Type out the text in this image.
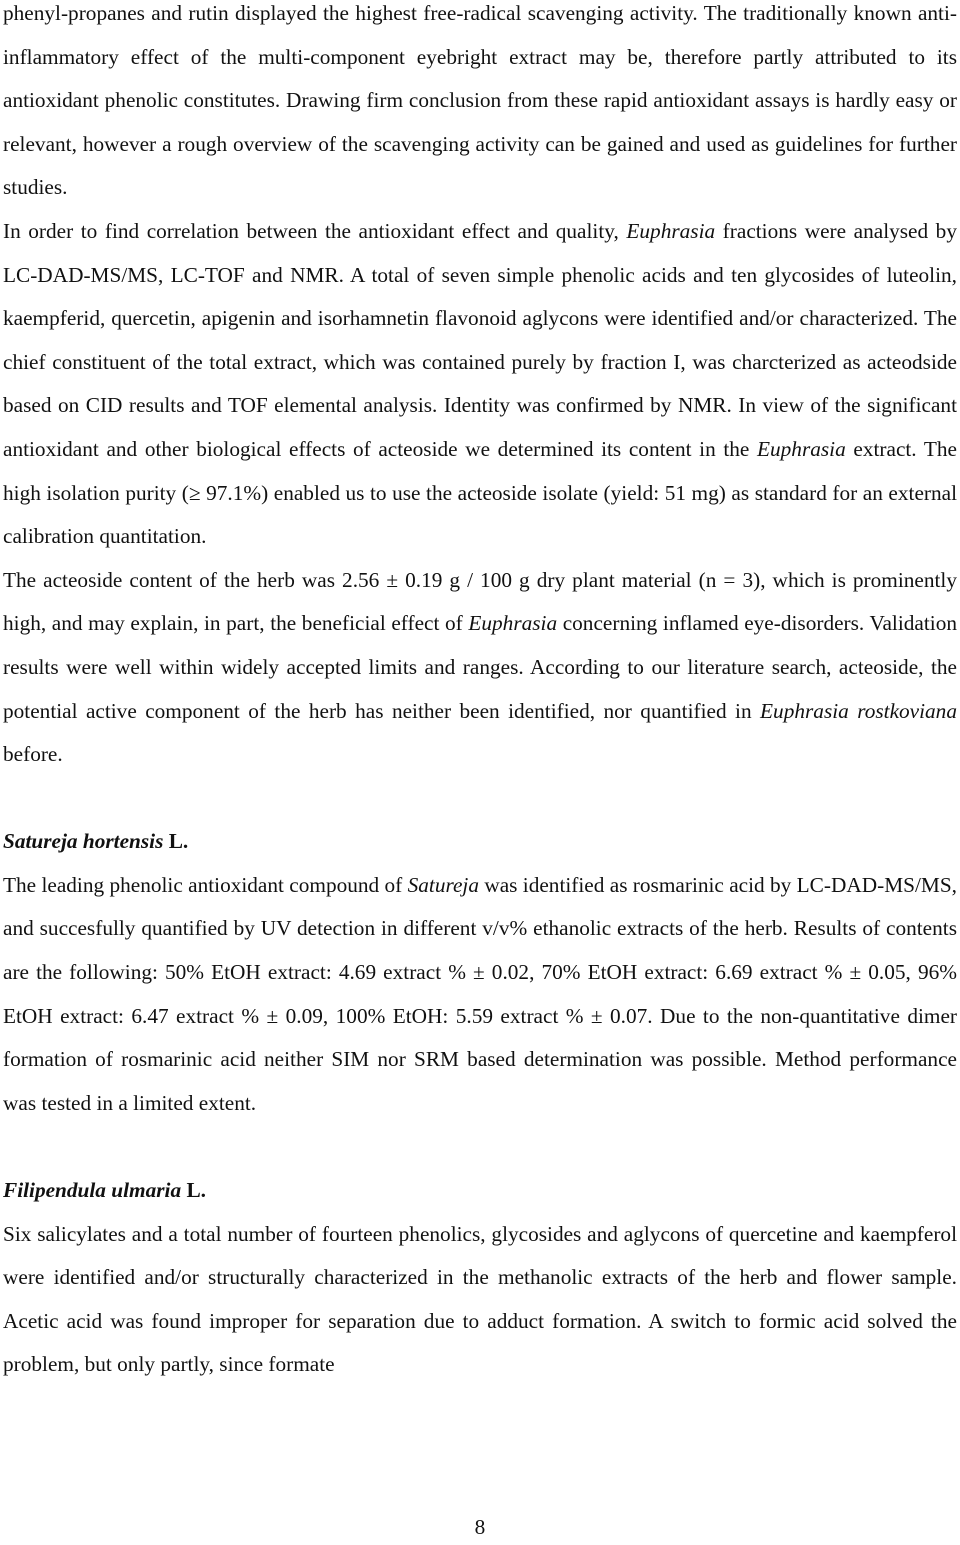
phenyl-propanes and rutin displayed the highest free-radical scavenging activity. The traditionally known anti-inflammatory effect of the multi-component eyebright extract may be, therefore partly attributed to its antioxidant phenolic constitutes. Drawing firm conclusion from these rapid antioxidant assays is hardly easy or relevant, however a rough overview of the scavenging activity can be gained and used as guidelines for further studies.

In order to find correlation between the antioxidant effect and quality, Euphrasia fractions were analysed by LC-DAD-MS/MS, LC-TOF and NMR. A total of seven simple phenolic acids and ten glycosides of luteolin, kaempferid, quercetin, apigenin and isorhamnetin flavonoid aglycons were identified and/or characterized. The chief constituent of the total extract, which was contained purely by fraction I, was charcterized as acteodside based on CID results and TOF elemental analysis. Identity was confirmed by NMR. In view of the significant antioxidant and other biological effects of acteoside we determined its content in the Euphrasia extract. The high isolation purity (≥ 97.1%) enabled us to use the acteoside isolate (yield: 51 mg) as standard for an external calibration quantitation.

The acteoside content of the herb was 2.56 ± 0.19 g / 100 g dry plant material (n = 3), which is prominently high, and may explain, in part, the beneficial effect of Euphrasia concerning inflamed eye-disorders. Validation results were well within widely accepted limits and ranges. According to our literature search, acteoside, the potential active component of the herb has neither been identified, nor quantified in Euphrasia rostkoviana before.

Satureja hortensis L.

The leading phenolic antioxidant compound of Satureja was identified as rosmarinic acid by LC-DAD-MS/MS, and succesfully quantified by UV detection in different v/v% ethanolic extracts of the herb. Results of contents are the following: 50% EtOH extract: 4.69 extract % ± 0.02, 70% EtOH extract: 6.69 extract % ± 0.05, 96% EtOH extract: 6.47 extract % ± 0.09, 100% EtOH: 5.59 extract % ± 0.07. Due to the non-quantitative dimer formation of rosmarinic acid neither SIM nor SRM based determination was possible. Method performance was tested in a limited extent.

Filipendula ulmaria L.

Six salicylates and a total number of fourteen phenolics, glycosides and aglycons of quercetine and kaempferol were identified and/or structurally characterized in the methanolic extracts of the herb and flower sample. Acetic acid was found improper for separation due to adduct formation. A switch to formic acid solved the problem, but only partly, since formate

8
